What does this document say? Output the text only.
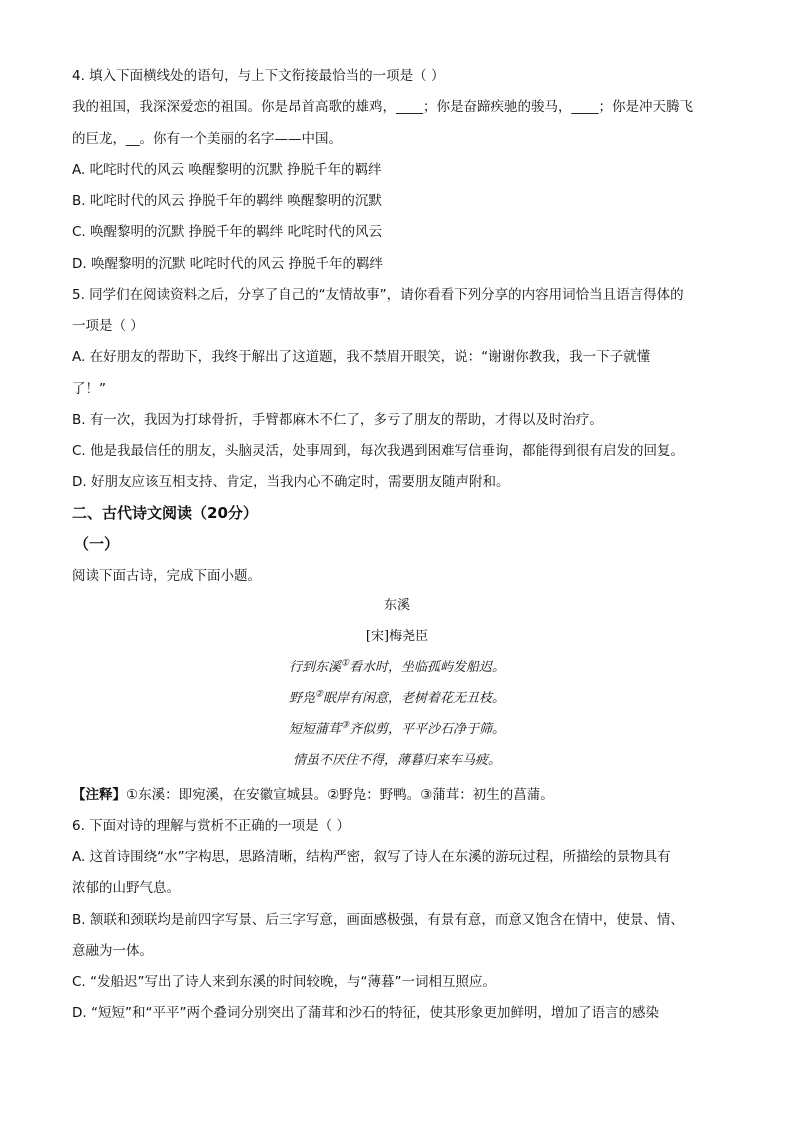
4. 填入下面横线处的语句，与上下文衔接最恰当的一项是（ ）

我的祖国，我深深爱恋的祖国。你是昂首高歌的雄鸡，____；你是奋蹄疾驰的骏马，____；你是冲天腾飞

的巨龙，__。你有一个美丽的名字——中国。

A. 叱咤时代的风云 唤醒黎明的沉默 挣脱千年的羁绊

B. 叱咤时代的风云 挣脱千年的羁绊 唤醒黎明的沉默

C. 唤醒黎明的沉默 挣脱千年的羁绊 叱咤时代的风云

D. 唤醒黎明的沉默 叱咤时代的风云 挣脱千年的羁绊

5. 同学们在阅读资料之后，分享了自己的“友情故事”，请你看看下列分享的内容用词恰当且语言得体的

一项是（ ）

A. 在好朋友的帮助下，我终于解出了这道题，我不禁眉开眼笑，说：“谢谢你教我，我一下子就懂

了！”

B. 有一次，我因为打球骨折，手臂都麻木不仁了，多亏了朋友的帮助，才得以及时治疗。

C. 他是我最信任的朋友，头脑灵活，处事周到，每次我遇到困难写信垂询，都能得到很有启发的回复。

D. 好朋友应该互相支持、肯定，当我内心不确定时，需要朋友随声附和。

二、古代诗文阅读（20分）

（一）

阅读下面古诗，完成下面小题。

东溪

[宋]梅尧臣

行到东溪①看水时，坐临孤屿发船迟。

野凫②眠岸有闲意，老树着花无丑枝。

短短蒲茸③齐似剪，平平沙石净于筛。

情虽不厌住不得，薄暮归来车马疲。

【注释】①东溪：即宛溪，在安徽宣城县。②野凫：野鸭。③蒲茸：初生的菖蒲。

6. 下面对诗的理解与赏析不正确的一项是（ ）

A. 这首诗围绕“水”字构思，思路清晰，结构严密，叙写了诗人在东溪的游玩过程，所描绘的景物具有

浓郁的山野气息。

B. 颔联和颈联均是前四字写景、后三字写意，画面感极强，有景有意，而意又饱含在情中，使景、情、

意融为一体。

C. “发船迟”写出了诗人来到东溪的时间较晚，与“薄暮”一词相互照应。

D. “短短”和“平平”两个叠词分别突出了蒲茸和沙石的特征，使其形象更加鲜明，增加了语言的感染
